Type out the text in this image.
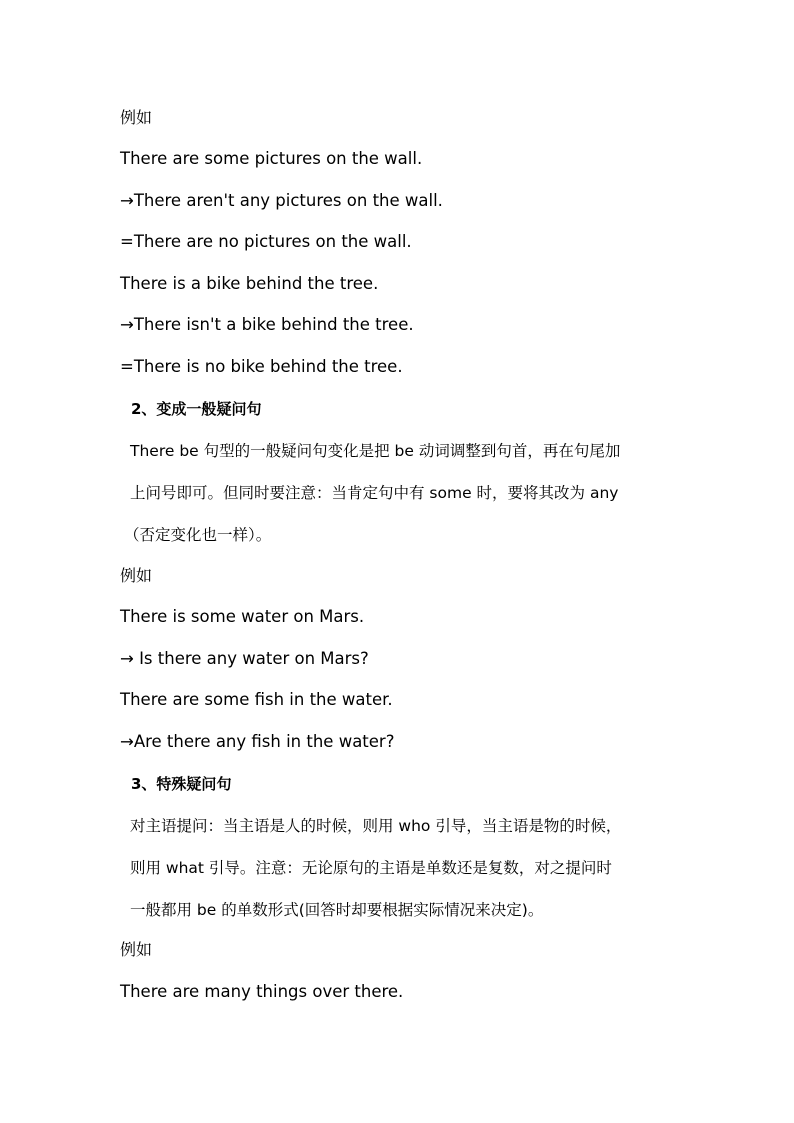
例如
There are some pictures on the wall.
→There aren't any pictures on the wall.
=There are no pictures on the wall.
There is a bike behind the tree.
→There isn't a bike behind the tree.
=There is no bike behind the tree.
2、变成一般疑问句
There be 句型的一般疑问句变化是把 be 动词调整到句首，再在句尾加
上问号即可。但同时要注意：当肯定句中有 some 时，要将其改为 any
（否定变化也一样）。
例如
There is some water on Mars.
→ Is there any water on Mars?
There are some fish in the water.
→Are there any fish in the water?
3、特殊疑问句
对主语提问：当主语是人的时候，则用 who 引导，当主语是物的时候，
则用 what 引导。注意：无论原句的主语是单数还是复数，对之提问时
一般都用 be 的单数形式(回答时却要根据实际情况来决定)。
例如
There are many things over there.
